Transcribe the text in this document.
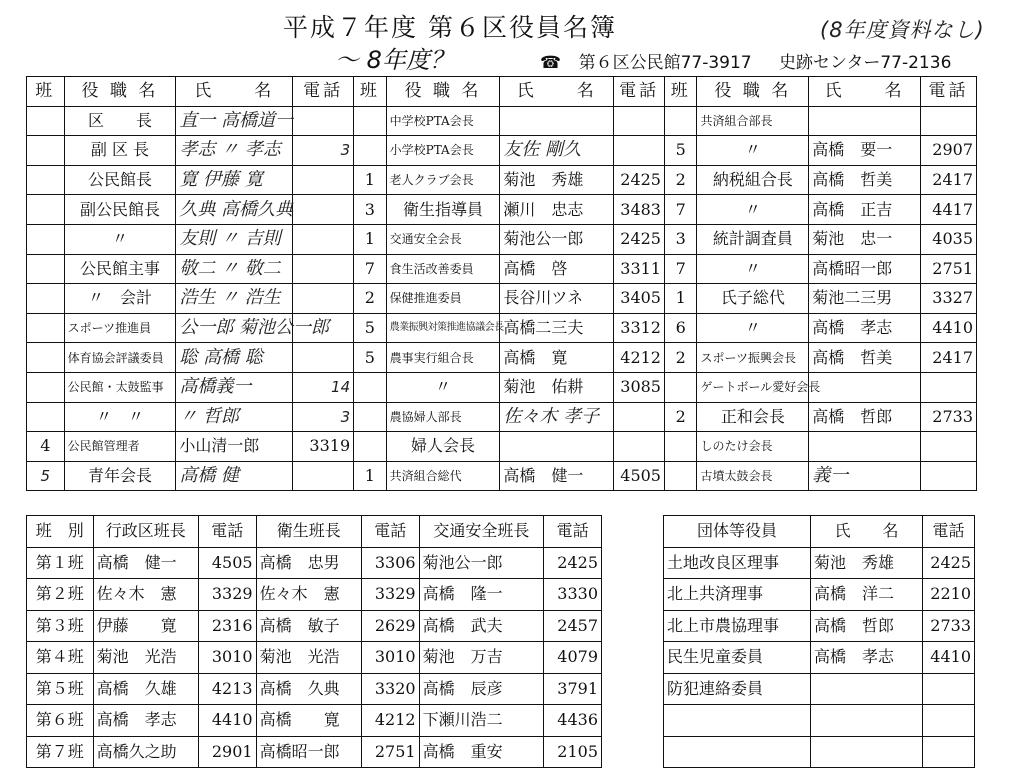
平成７年度 第６区役員名簿	(8年度資料なし)
〜 8年度？	☎ 第６区公民館77-3917 史跡センター77-2136
班	役 職 名	氏　　名	電話	班	役 職 名	氏　　名	電話	班	役 職 名	氏　　名	電話
	区　　長	直一 高橋道一			中学校PTA会長				共済組合部長		
	副 区 長	孝志 〃 孝志	3		小学校PTA会長	友佐 剛久		5	〃	高橋　要一	2907
	公民館長	寛 伊藤 寛		1	老人クラブ会長	菊池　秀雄	2425	2	納税組合長	高橋　哲美	2417
	副公民館長	久典 高橋久典		3	衛生指導員	瀬川　忠志	3483	7	〃	高橋　正吉	4417
	〃	友則 〃 吉則		1	交通安全会長	菊池公一郎	2425	3	統計調査員	菊池　忠一	4035
	公民館主事	敬二 〃 敬二		7	食生活改善委員	高橋　啓	3311	7	〃	高橋昭一郎	2751
	〃　会計	浩生 〃 浩生		2	保健推進委員	長谷川ツネ	3405	1	氏子総代	菊池二三男	3327
	スポーツ推進員	公一郎 菊池公一郎		5	農業振興対策推進協議会長	高橋二三夫	3312	6	〃	高橋　孝志	4410
	体育協会評議委員	聡 高橋 聡		5	農事実行組合長	高橋　寛	4212	2	スポーツ振興会長	高橋　哲美	2417
	公民館・太鼓監事	高橋義一	14		〃	菊池　佑耕	3085		ゲートボール愛好会長		
	〃　〃	〃 哲郎	3		農協婦人部長	佐々木 孝子		2	正和会長	高橋　哲郎	2733
4	公民館管理者	小山清一郎	3319		婦人会長				しのたけ会長		
5	青年会長	高橋 健		1	共済組合総代	高橋　健一	4505		古墳太鼓会長	義一	
班　別	行政区班長	電話	衛生班長	電話	交通安全班長	電話
第１班	高橋　健一	4505	高橋　忠男	3306	菊池公一郎	2425
第２班	佐々木　憲	3329	佐々木　憲	3329	高橋　隆一	3330
第３班	伊藤　　寛	2316	高橋　敏子	2629	高橋　武夫	2457
第４班	菊池　光浩	3010	菊池　光浩	3010	菊池　万吉	4079
第５班	高橋　久雄	4213	高橋　久典	3320	高橋　辰彦	3791
第６班	高橋　孝志	4410	高橋　　寛	4212	下瀬川浩二	4436
第７班	高橋久之助	2901	高橋昭一郎	2751	高橋　重安	2105
団体等役員	氏　　名	電話
土地改良区理事	菊池　秀雄	2425
北上共済理事	高橋　洋二	2210
北上市農協理事	高橋　哲郎	2733
民生児童委員	高橋　孝志	4410
防犯連絡委員		
